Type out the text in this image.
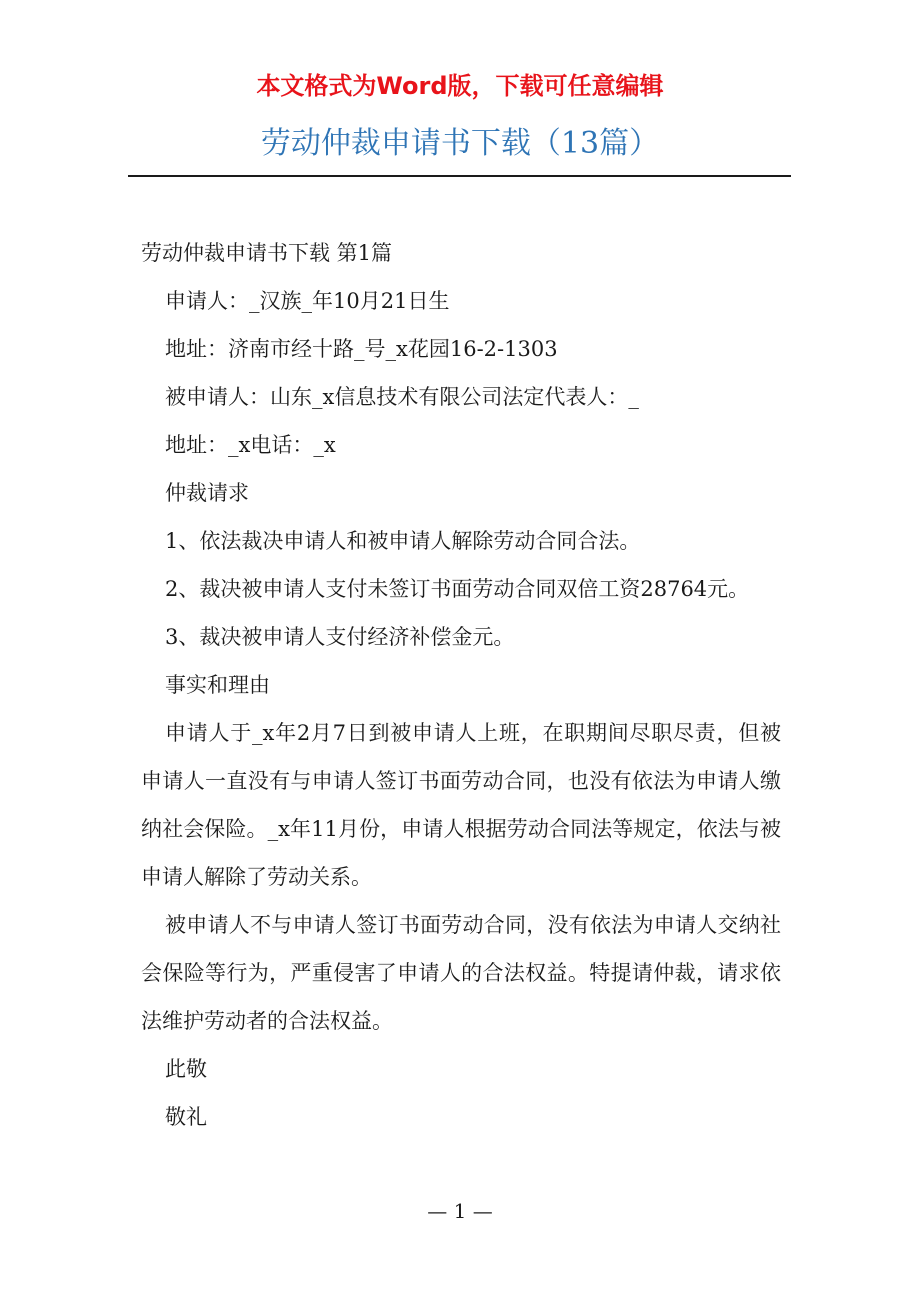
本文格式为Word版，下载可任意编辑
劳动仲裁申请书下载（13篇）

劳动仲裁申请书下载 第1篇

申请人：_汉族_年10月21日生

地址：济南市经十路_号_x花园16-2-1303

被申请人：山东_x信息技术有限公司法定代表人：_

地址：_x电话：_x

仲裁请求

1、依法裁决申请人和被申请人解除劳动合同合法。

2、裁决被申请人支付未签订书面劳动合同双倍工资28764元。

3、裁决被申请人支付经济补偿金元。

事实和理由

申请人于_x年2月7日到被申请人上班，在职期间尽职尽责，但被申请人一直没有与申请人签订书面劳动合同，也没有依法为申请人缴纳社会保险。_x年11月份，申请人根据劳动合同法等规定，依法与被申请人解除了劳动关系。

被申请人不与申请人签订书面劳动合同，没有依法为申请人交纳社会保险等行为，严重侵害了申请人的合法权益。特提请仲裁，请求依法维护劳动者的合法权益。

此敬

敬礼

— 1 —
